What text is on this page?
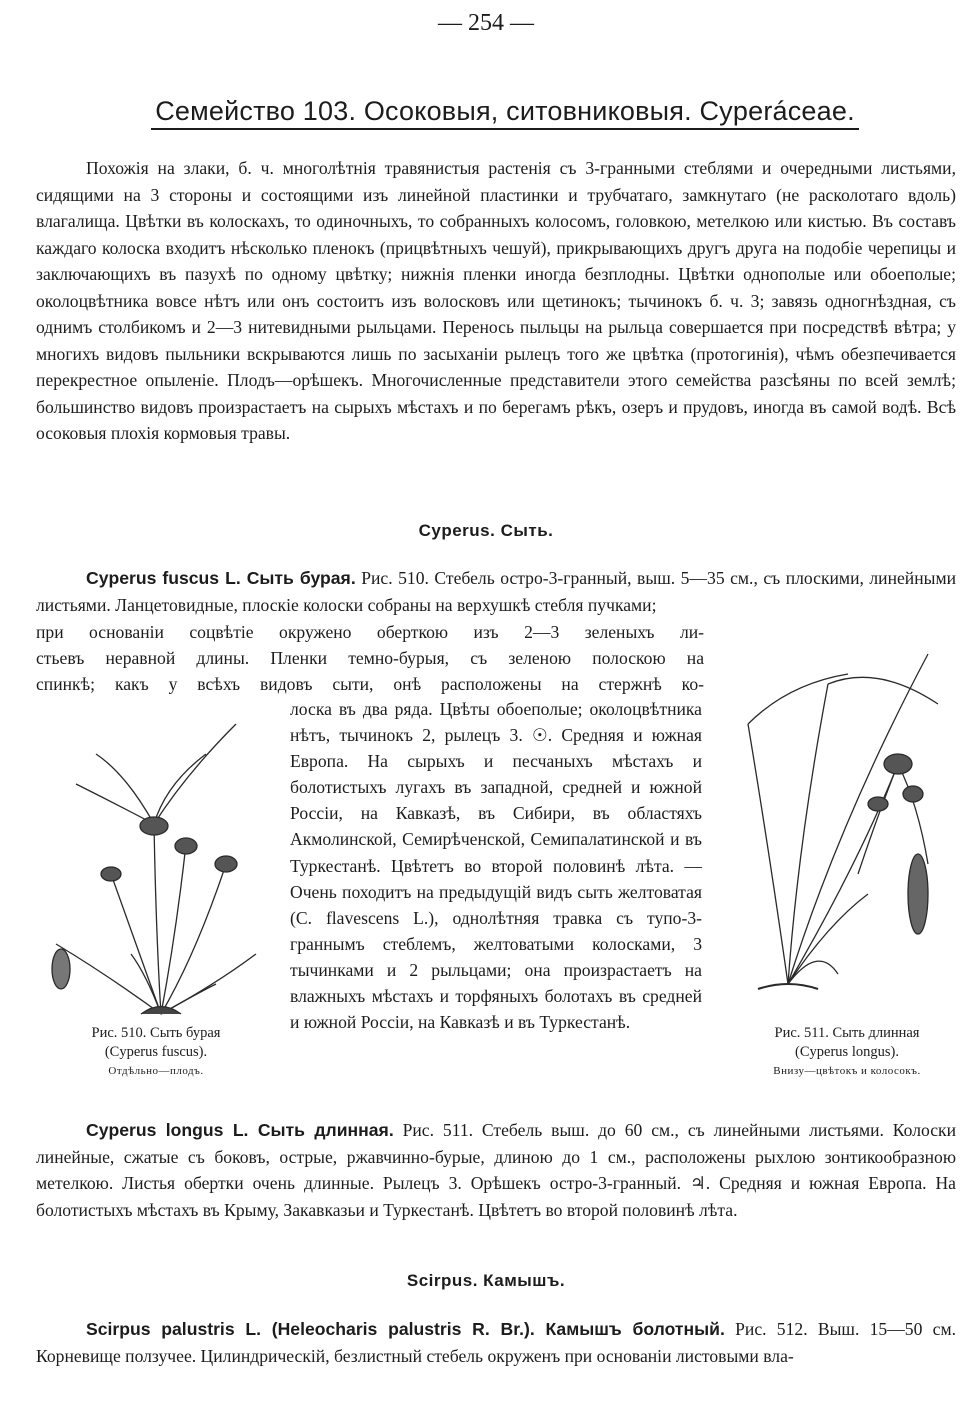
— 254 —
Семейство 103. Осоковыя, ситовниковыя. Cyperáceae.

Похожія на злаки, б. ч. многолѣтнія травянистыя растенія съ 3-гранными стеблями и очередными листьями, сидящими на 3 стороны и состоящими изъ линейной пластинки и трубчатаго, замкнутаго (не расколотаго вдоль) влагалища. Цвѣтки въ колоскахъ, то одиночныхъ, то собранныхъ колосомъ, головкою, метелкою или кистью. Въ составъ каждаго колоска входитъ нѣсколько пленокъ (прицвѣтныхъ чешуй), прикрывающихъ другъ друга на подобіе черепицы и заключающихъ въ пазухѣ по одному цвѣтку; нижнія пленки иногда безплодны. Цвѣтки однополые или обоеполые; околоцвѣтника вовсе нѣтъ или онъ состоитъ изъ волосковъ или щетинокъ; тычинокъ б. ч. 3; завязь одногнѣздная, съ однимъ столбикомъ и 2—3 нитевидными рыльцами. Перенось пыльцы на рыльца совершается при посредствѣ вѣтра; у многихъ видовъ пыльники вскрываются лишь по засыханіи рылецъ того же цвѣтка (протогинія), чѣмъ обезпечивается перекрестное опыленіе. Плодъ—орѣшекъ. Многочисленные представители этого семейства разсѣяны по всей землѣ; большинство видовъ произрастаетъ на сырыхъ мѣстахъ и по берегамъ рѣкъ, озеръ и прудовъ, иногда въ самой водѣ. Всѣ осоковыя плохія кормовыя травы.

Cyperus. Сыть.

Cyperus fuscus L. Сыть бурая. Рис. 510. Стебель остро-3-гранный, выш. 5—35 см., съ плоскими, линейными листьями. Ланцетовидные, плоскіе колоски собраны на верхушкѣ стебля пучками;

при основаніи соцвѣтіе окружено оберткою изъ 2—3 зеленыхъ ли-
стьевъ неравной длины. Пленки темно-бурыя, съ зеленою полоскою на
спинкѣ; какъ у всѣхъ видовъ сыти, онѣ расположены на стержнѣ ко-

лоска въ два ряда. Цвѣты обоеполые; околоцвѣтника нѣтъ, тычинокъ 2, рылецъ 3. ☉. Средняя и южная Европа. На сырыхъ и песчаныхъ мѣстахъ и болотистыхъ лугахъ въ западной, средней и южной Россіи, на Кавказѣ, въ Сибири, въ областяхъ Акмолинской, Семирѣченской, Семипалатинской и въ Туркестанѣ. Цвѣтетъ во второй половинѣ лѣта. —Очень походитъ на предыдущій видъ сыть желтоватая (C. flavescens L.), однолѣтняя травка съ тупо-3-граннымъ стеблемъ, желтоватыми колосками, 3 тычинками и 2 рыльцами; она произрастаетъ на влажныхъ мѣстахъ и торфяныхъ болотахъ въ средней и южной Россіи, на Кавказѣ и въ Туркестанѣ.

Рис. 510. Сыть бурая
(Cyperus fuscus).
Отдѣльно—плодъ.
Рис. 511. Сыть длинная
(Cyperus longus).
Внизу—цвѣтокъ и колосокъ.

Cyperus longus L. Сыть длинная. Рис. 511. Стебель выш. до 60 см., съ линейными листьями. Колоски линейные, сжатые съ боковъ, острые, ржавчинно-бурые, длиною до 1 см., расположены рыхлою зонтикообразною метелкою. Листья обертки очень длинные. Рылецъ 3. Орѣшекъ остро-3-гранный. ♃. Средняя и южная Европа. На болотистыхъ мѣстахъ въ Крыму, Закавказьи и Туркестанѣ. Цвѣтетъ во второй половинѣ лѣта.

Scirpus. Камышъ.

Scirpus palustris L. (Heleocharis palustris R. Br.). Камышъ болотный. Рис. 512. Выш. 15—50 см. Корневище ползучее. Цилиндрическій, безлистный стебель окруженъ при основаніи листовыми вла-
